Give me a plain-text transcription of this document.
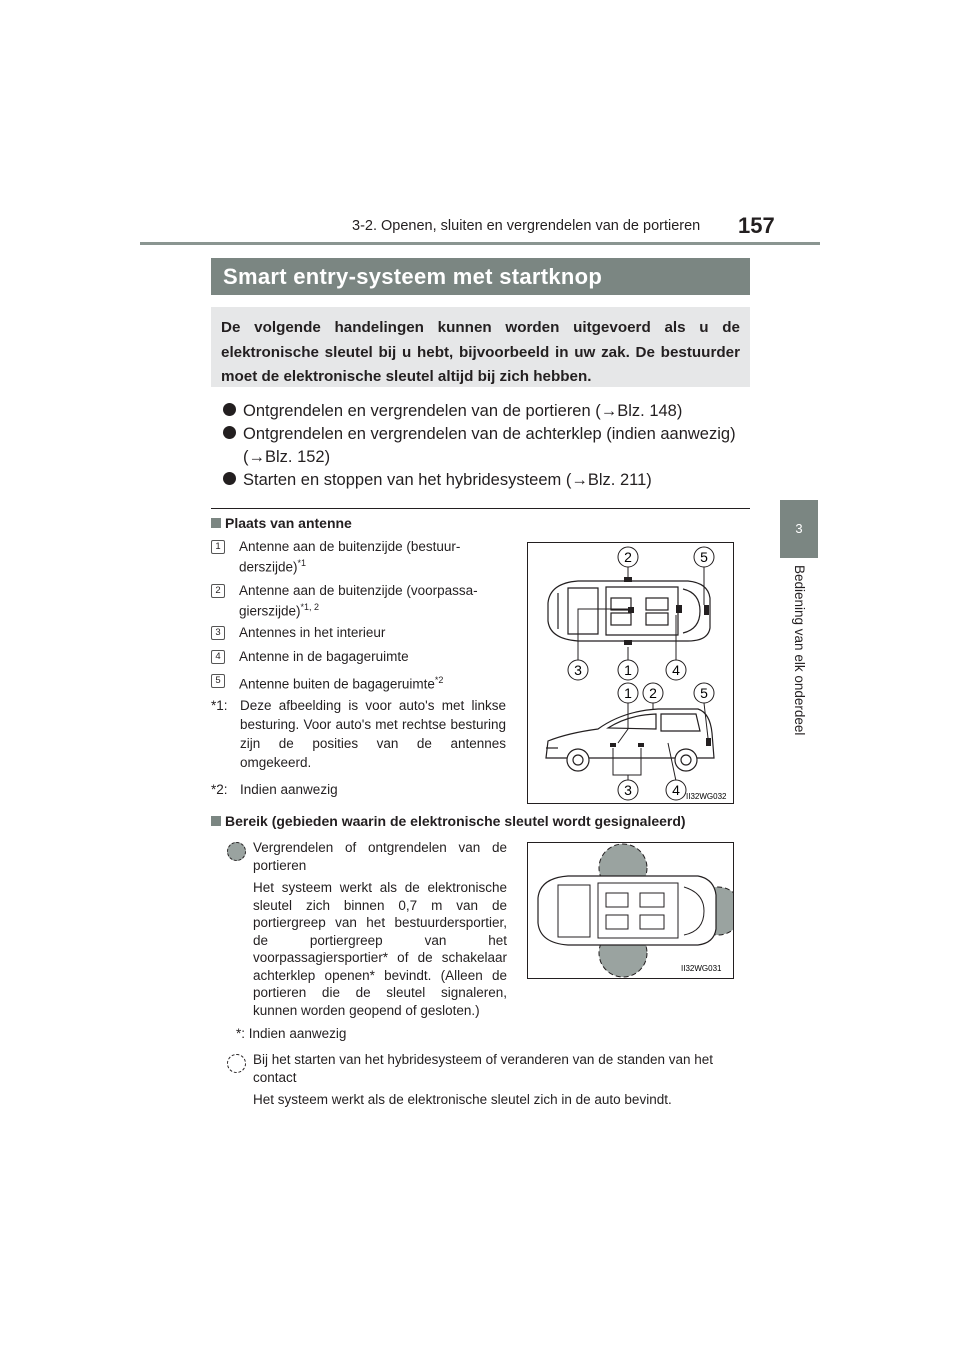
3-2. Openen, sluiten en vergrendelen van de portieren 157
3
Bediening van elk onderdeel
Smart entry-systeem met startknop
De volgende handelingen kunnen worden uitgevoerd als u de elektronische sleutel bij u hebt, bijvoorbeeld in uw zak. De bestuurder moet de elektronische sleutel altijd bij zich hebben.
Ontgrendelen en vergrendelen van de portieren (→Blz. 148)
Ontgrendelen en vergrendelen van de achterklep (indien aanwezig)
(→Blz. 152)
Starten en stoppen van het hybridesysteem (→Blz. 211)
Plaats van antenne
1	Antenne aan de buitenzijde (bestuur-
derszijde)$^{*1}$
2	Antenne aan de buitenzijde (voorpassa-
gierszijde)$^{*1, 2}$
3	Antennes in het interieur
4	Antenne in de bagageruimte
5	Antenne buiten de bagageruimte$^{*2}$
*1: Deze afbeelding is voor auto's met linkse besturing. Voor auto's met rechtse besturing zijn de posities van de antennes omgekeerd.
*2: Indien aanwezig
2	5
3	1	4
1 2	5
3	4 II32WG032
Bereik (gebieden waarin de elektronische sleutel wordt gesignaleerd)
Vergrendelen of ontgrendelen van de portieren
Het systeem werkt als de elektronische sleutel zich binnen 0,7 m van de portiergreep van het bestuurdersportier, de portiergreep van het voorpassagiersportier* of de schakelaar achterklep openen* bevindt. (Alleen de portieren die de sleutel signaleren, kunnen worden geopend of gesloten.)
*: Indien aanwezig
II32WG031
Bij het starten van het hybridesysteem of veranderen van de standen van het contact
Het systeem werkt als de elektronische sleutel zich in de auto bevindt.
